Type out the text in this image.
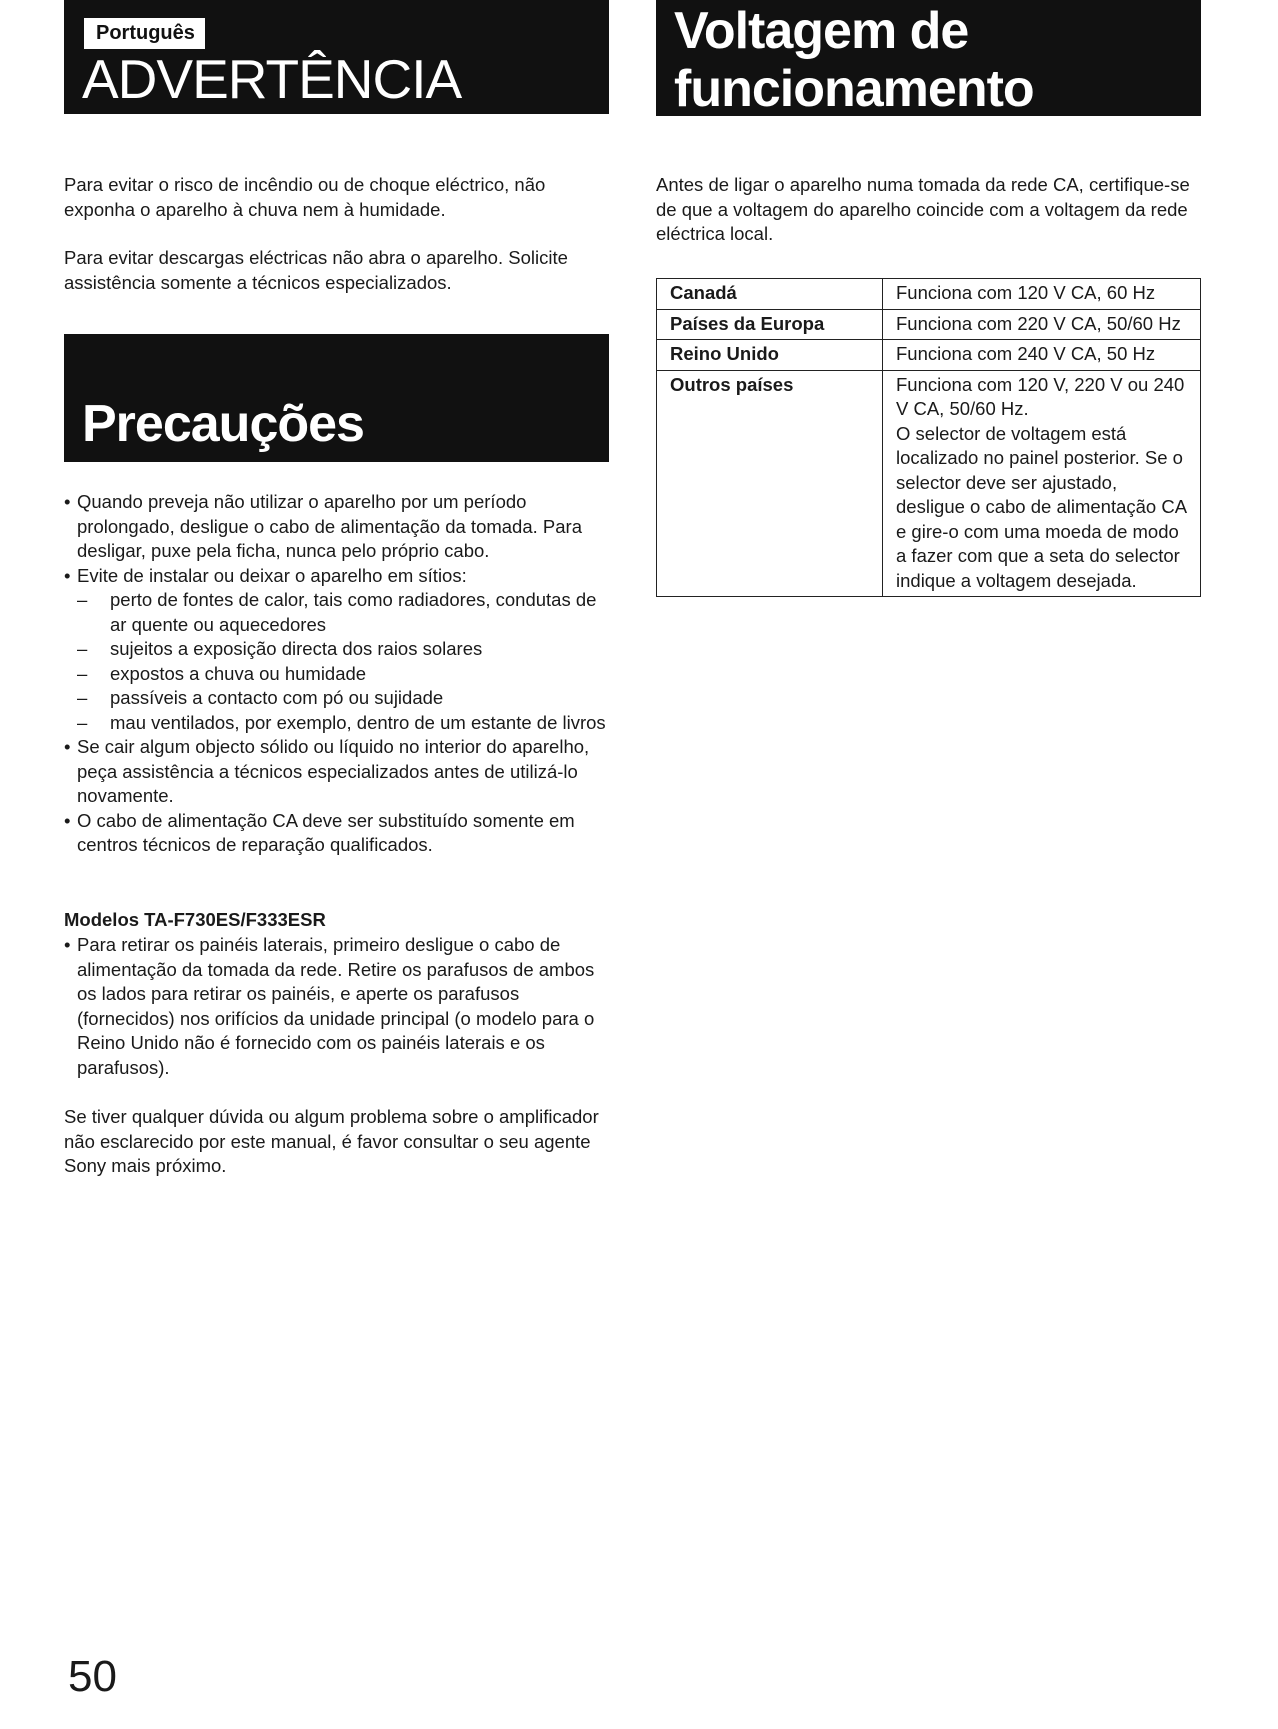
Português
ADVERTÊNCIA

Para evitar o risco de incêndio ou de choque eléctrico, não exponha o aparelho à chuva nem à humidade.

Para evitar descargas eléctricas não abra o aparelho. Solicite assistência somente a técnicos especializados.

Precauções
• Quando preveja não utilizar o aparelho por um período prolongado, desligue o cabo de alimentação da tomada. Para desligar, puxe pela ficha, nunca pelo próprio cabo.
• Evite de instalar ou deixar o aparelho em sítios:
– perto de fontes de calor, tais como radiadores, condutas de ar quente ou aquecedores
– sujeitos a exposição directa dos raios solares
– expostos a chuva ou humidade
– passíveis a contacto com pó ou sujidade
– mau ventilados, por exemplo, dentro de um estante de livros
• Se cair algum objecto sólido ou líquido no interior do aparelho, peça assistência a técnicos especializados antes de utilizá-lo novamente.
• O cabo de alimentação CA deve ser substituído somente em centros técnicos de reparação qualificados.

Modelos TA-F730ES/F333ESR

• Para retirar os painéis laterais, primeiro desligue o cabo de alimentação da tomada da rede. Retire os parafusos de ambos os lados para retirar os painéis, e aperte os parafusos (fornecidos) nos orifícios da unidade principal (o modelo para o Reino Unido não é fornecido com os painéis laterais e os parafusos).

Se tiver qualquer dúvida ou algum problema sobre o amplificador não esclarecido por este manual, é favor consultar o seu agente Sony mais próximo.

Voltagem de
funcionamento

Antes de ligar o aparelho numa tomada da rede CA, certifique-se de que a voltagem do aparelho coincide com a voltagem da rede eléctrica local.

Canadá	Funciona com 120 V CA, 60 Hz
Países da Europa	Funciona com 220 V CA, 50/60 Hz
Reino Unido	Funciona com 240 V CA, 50 Hz
Outros países	Funciona com 120 V, 220 V ou 240 V CA, 50/60 Hz.
O selector de voltagem está localizado no painel posterior. Se o selector deve ser ajustado, desligue o cabo de alimentação CA e gire-o com uma moeda de modo a fazer com que a seta do selector indique a voltagem desejada.

50
